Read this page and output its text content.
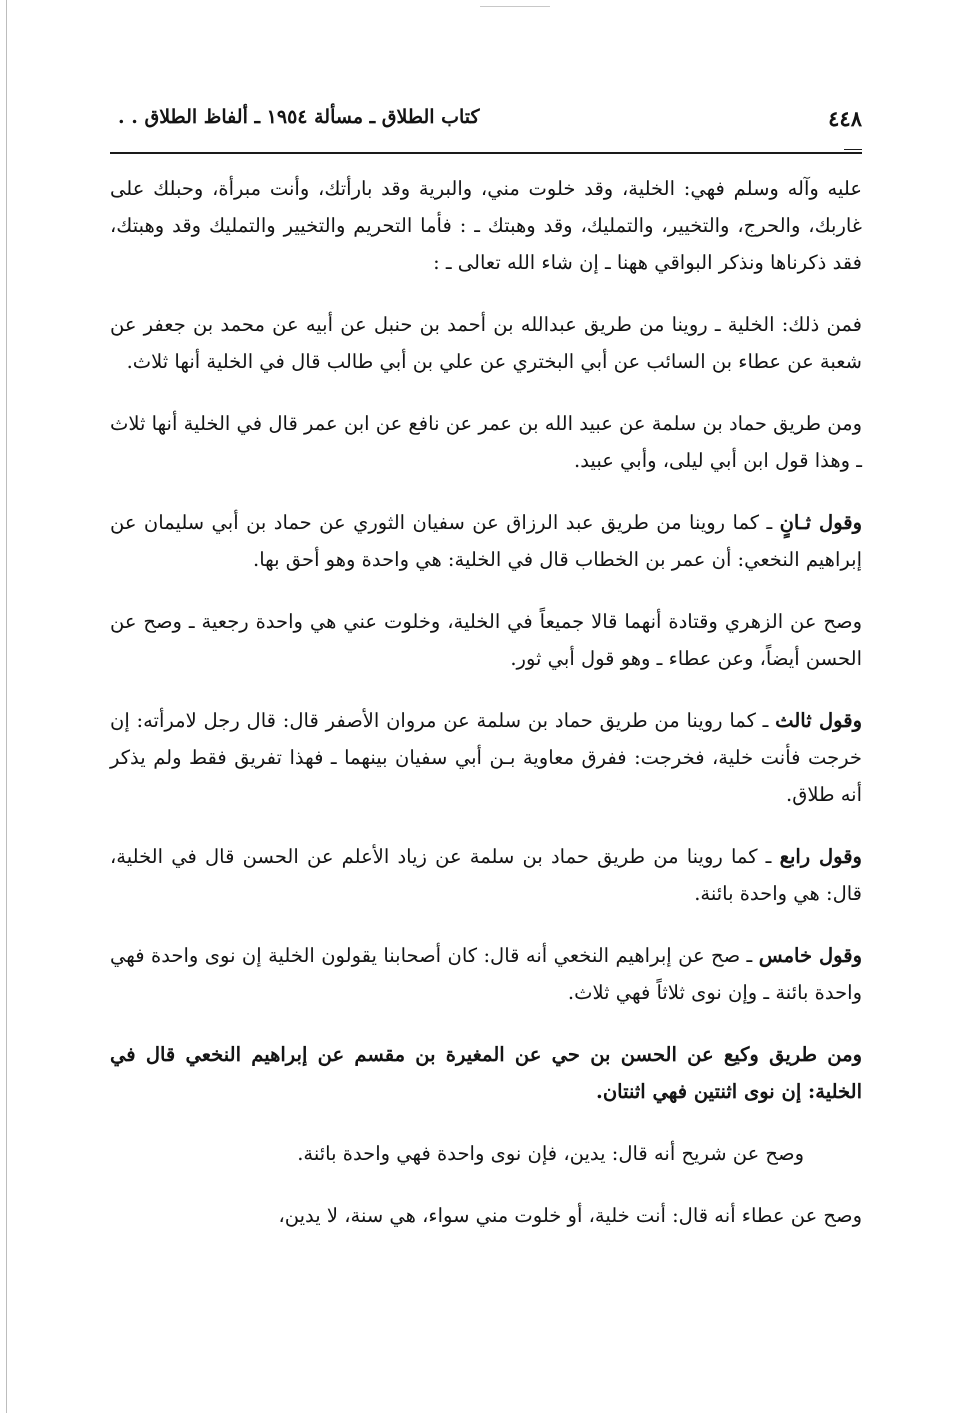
٤٤٨
كتاب الطلاق ـ مسألة ١٩٥٤ ـ ألفاظ الطلاق . .

عليه وآله وسلم فهي: الخلية، وقد خلوت مني، والبرية وقد بارأتك، وأنت مبرأة، وحبلك على غاربك، والحرج، والتخيير، والتمليك، وقد وهبتك ـ : فأما التحريم والتخيير والتمليك وقد وهبتك، فقد ذكرناها ونذكر البواقي ههنا ـ إن شاء الله تعالى ـ :

فمن ذلك: الخلية ـ روينا من طريق عبدالله بن أحمد بن حنبل عن أبيه عن محمد بن جعفر عن شعبة عن عطاء بن السائب عن أبي البختري عن علي بن أبي طالب قال في الخلية أنها ثلاث.

ومن طريق حماد بن سلمة عن عبيد الله بن عمر عن نافع عن ابن عمر قال في الخلية أنها ثلاث ـ وهذا قول ابن أبي ليلى، وأبي عبيد.

وقول ثـانٍ ـ كما روينا من طريق عبد الرزاق عن سفيان الثوري عن حماد بن أبي سليمان عن إبراهيم النخعي: أن عمر بن الخطاب قال في الخلية: هي واحدة وهو أحق بها.

وصح عن الزهري وقتادة أنهما قالا جميعاً في الخلية، وخلوت عني هي واحدة رجعية ـ وصح عن الحسن أيضاً، وعن عطاء ـ وهو قول أبي ثور.

وقول ثالث ـ كما روينا من طريق حماد بن سلمة عن مروان الأصفر قال: قال رجل لامرأته: إن خرجت فأنت خلية، فخرجت: ففرق معاوية بـن أبي سفيان بينهما ـ فهذا تفريق فقط ولم يذكر أنه طلاق.

وقول رابع ـ كما روينا من طريق حماد بن سلمة عن زياد الأعلم عن الحسن قال في الخلية، قال: هي واحدة بائنة.

وقول خامس ـ صح عن إبراهيم النخعي أنه قال: كان أصحابنا يقولون الخلية إن نوى واحدة فهي واحدة بائنة ـ وإن نوى ثلاثاً فهي ثلاث.

ومن طريق وكيع عن الحسن بن حي عن المغيرة بن مقسم عن إبراهيم النخعي قال في الخلية: إن نوى اثنتين فهي اثنتان.

وصح عن شريح أنه قال: يدين، فإن نوى واحدة فهي واحدة بائنة.

وصح عن عطاء أنه قال: أنت خلية، أو خلوت مني سواء، هي سنة، لا يدين،
